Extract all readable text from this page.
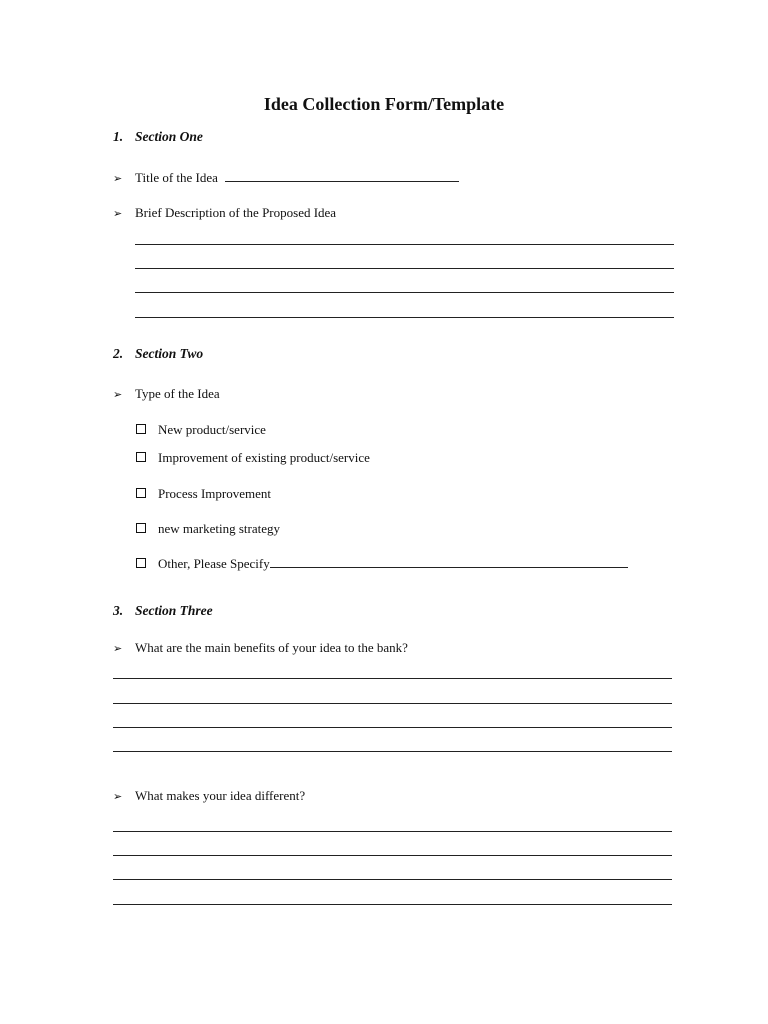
Idea Collection Form/Template
1. Section One
➢ Title of the Idea
➢ Brief Description of the Proposed Idea
2. Section Two
➢ Type of the Idea
New product/service
Improvement of existing product/service
Process Improvement
new marketing strategy
Other, Please Specify
3. Section Three
➢ What are the main benefits of your idea to the bank?
➢ What makes your idea different?
